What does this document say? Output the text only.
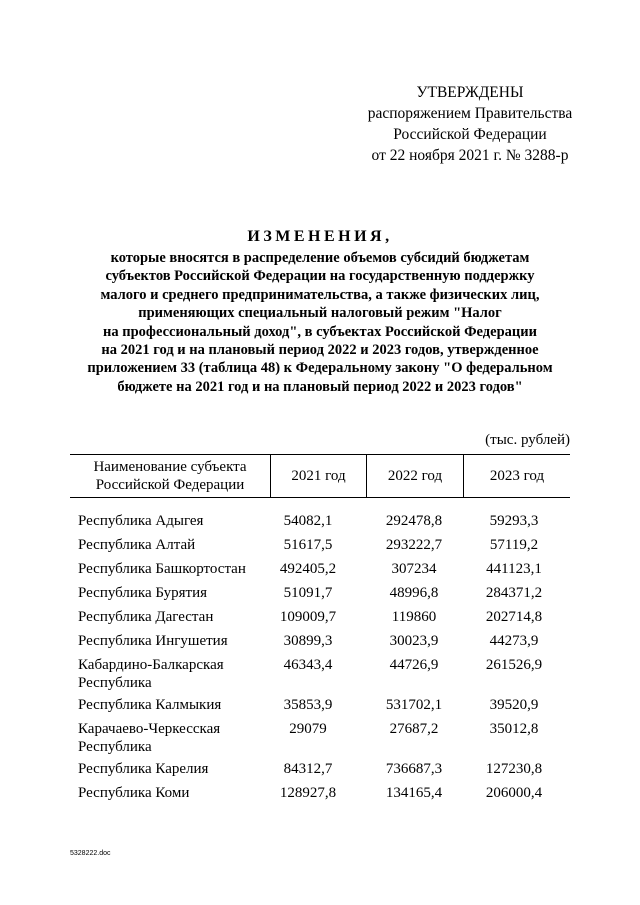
УТВЕРЖДЕНЫ
распоряжением Правительства
Российской Федерации
от 22 ноября 2021 г. № 3288-р
ИЗМЕНЕНИЯ,
которые вносятся в распределение объемов субсидий бюджетам
субъектов Российской Федерации на государственную поддержку
малого и среднего предпринимательства, а также физических лиц,
применяющих специальный налоговый режим "Налог
на профессиональный доход", в субъектах Российской Федерации
на 2021 год и на плановый период 2022 и 2023 годов, утвержденное
приложением 33 (таблица 48) к Федеральному закону "О федеральном
бюджете на 2021 год и на плановый период 2022 и 2023 годов"
(тыс. рублей)
Наименование субъекта
Российской Федерации
2021 год	2022 год	2023 год
Республика Адыгея	54082,1	292478,8	59293,3
Республика Алтай	51617,5	293222,7	57119,2
Республика Башкортостан	492405,2	307234	441123,1
Республика Бурятия	51091,7	48996,8	284371,2
Республика Дагестан	109009,7	119860	202714,8
Республика Ингушетия	30899,3	30023,9	44273,9
Кабардино-Балкарская
Республика
46343,4	44726,9	261526,9
Республика Калмыкия	35853,9	531702,1	39520,9
Карачаево-Черкесская
Республика
29079	27687,2	35012,8
Республика Карелия	84312,7	736687,3	127230,8
Республика Коми	128927,8	134165,4	206000,4
5328222.doc
